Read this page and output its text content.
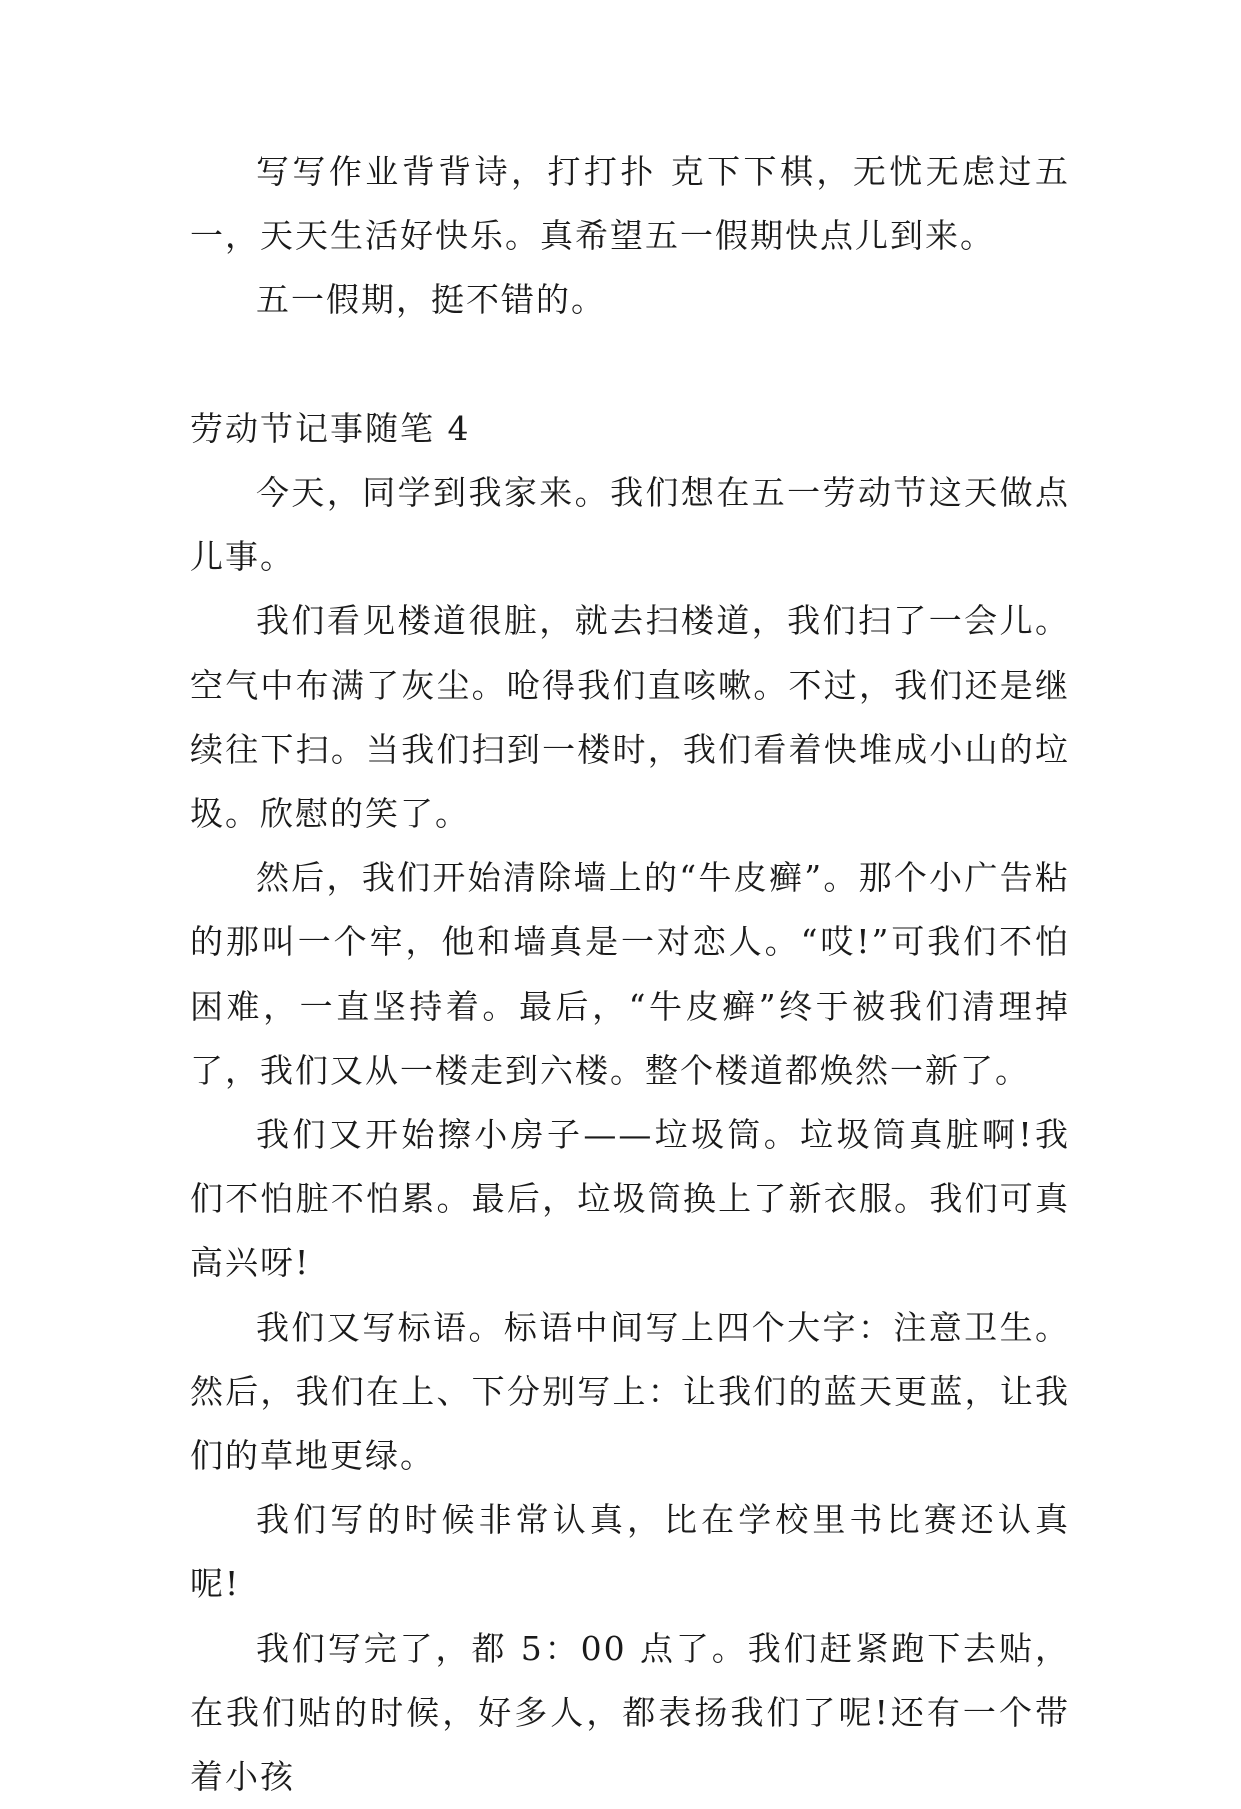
写写作业背背诗，打打扑 克下下棋，无忧无虑过五一，天天生活好快乐。真希望五一假期快点儿到来。

五一假期，挺不错的。

劳动节记事随笔 4

今天，同学到我家来。我们想在五一劳动节这天做点儿事。

我们看见楼道很脏，就去扫楼道，我们扫了一会儿。空气中布满了灰尘。呛得我们直咳嗽。不过，我们还是继续往下扫。当我们扫到一楼时，我们看着快堆成小山的垃圾。欣慰的笑了。

然后，我们开始清除墙上的“牛皮癣”。那个小广告粘的那叫一个牢，他和墙真是一对恋人。“哎!”可我们不怕困难，一直坚持着。最后，“牛皮癣”终于被我们清理掉了，我们又从一楼走到六楼。整个楼道都焕然一新了。

我们又开始擦小房子——垃圾筒。垃圾筒真脏啊!我们不怕脏不怕累。最后，垃圾筒换上了新衣服。我们可真高兴呀!

我们又写标语。标语中间写上四个大字：注意卫生。然后，我们在上、下分别写上：让我们的蓝天更蓝，让我们的草地更绿。

我们写的时候非常认真，比在学校里书比赛还认真呢!

我们写完了，都 5：00 点了。我们赶紧跑下去贴，在我们贴的时候，好多人，都表扬我们了呢!还有一个带着小孩
